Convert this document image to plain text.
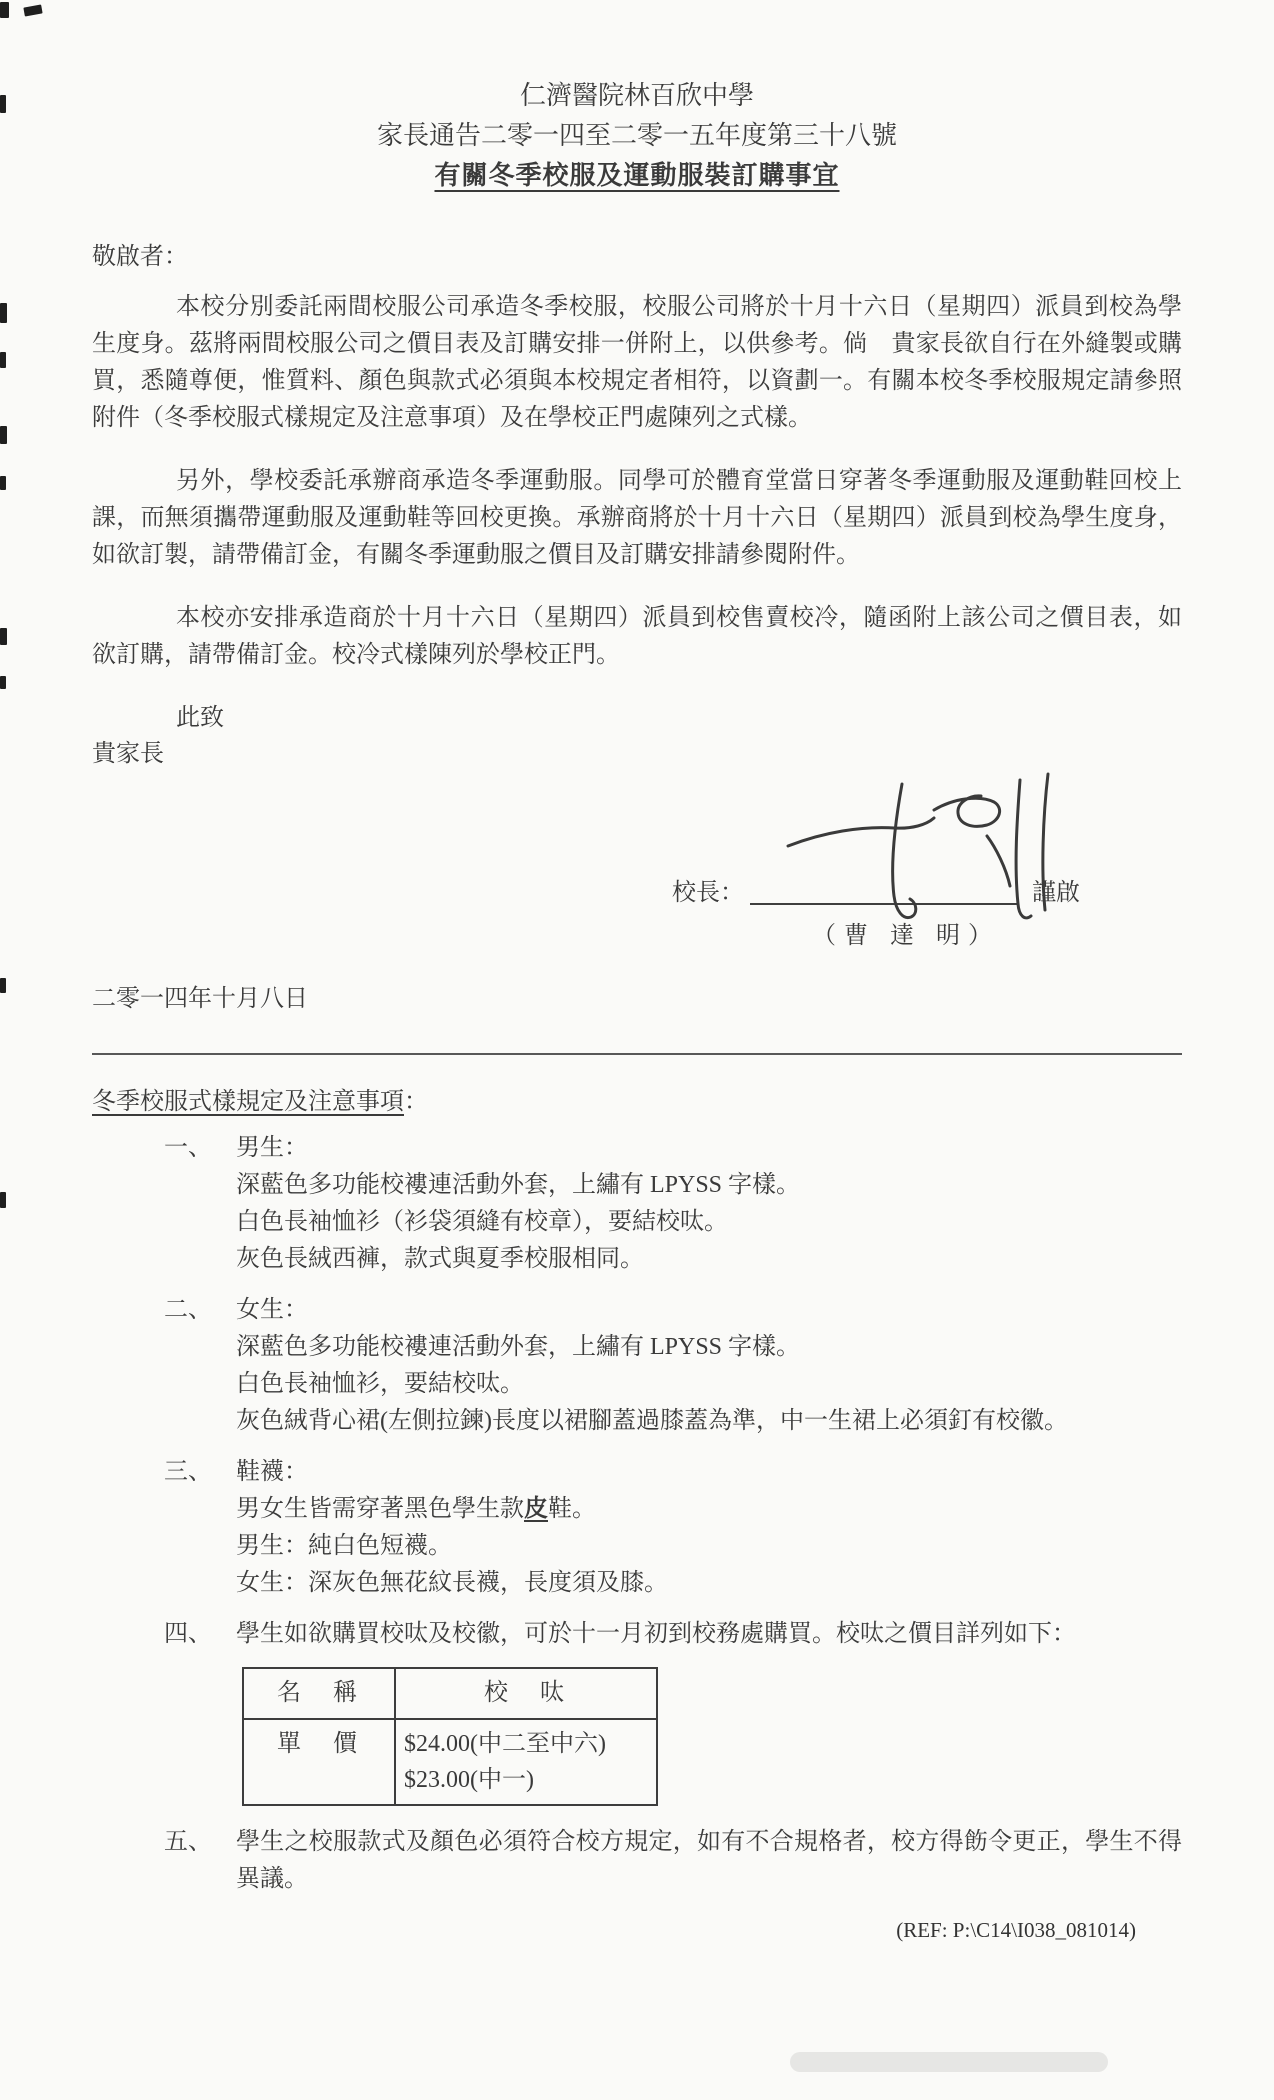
仁濟醫院林百欣中學
家長通告二零一四至二零一五年度第三十八號
有關冬季校服及運動服裝訂購事宜
敬啟者：

本校分別委託兩間校服公司承造冬季校服，校服公司將於十月十六日（星期四）派員到校為學生度身。茲將兩間校服公司之價目表及訂購安排一併附上，以供參考。倘　貴家長欲自行在外縫製或購買，悉隨尊便，惟質料、顏色與款式必須與本校規定者相符，以資劃一。有關本校冬季校服規定請參照附件（冬季校服式樣規定及注意事項）及在學校正門處陳列之式樣。

另外，學校委託承辦商承造冬季運動服。同學可於體育堂當日穿著冬季運動服及運動鞋回校上課，而無須攜帶運動服及運動鞋等回校更換。承辦商將於十月十六日（星期四）派員到校為學生度身，如欲訂製，請帶備訂金，有關冬季運動服之價目及訂購安排請參閱附件。

本校亦安排承造商於十月十六日（星期四）派員到校售賣校冷，隨函附上該公司之價目表，如欲訂購，請帶備訂金。校冷式樣陳列於學校正門。

此致
貴家長
校長：	謹啟
（曹 達 明）
二零一四年十月八日
冬季校服式樣規定及注意事項：
一、	男生：
深藍色多功能校褸連活動外套，上繡有 LPYSS 字樣。
白色長袖恤衫（衫袋須縫有校章），要結校呔。
灰色長絨西褲，款式與夏季校服相同。
二、	女生：
深藍色多功能校褸連活動外套，上繡有 LPYSS 字樣。
白色長袖恤衫，要結校呔。
灰色絨背心裙(左側拉鍊)長度以裙腳蓋過膝蓋為準，中一生裙上必須釘有校徽。
三、	鞋襪：
男女生皆需穿著黑色學生款皮鞋。
男生：純白色短襪。
女生：深灰色無花紋長襪，長度須及膝。
四、	學生如欲購買校呔及校徽，可於十一月初到校務處購買。校呔之價目詳列如下：
名　稱	校　呔
單　價	$24.00(中二至中六)
$23.00(中一)
五、	學生之校服款式及顏色必須符合校方規定，如有不合規格者，校方得飭令更正，學生不得異議。
(REF: P:\C14\I038_081014)
